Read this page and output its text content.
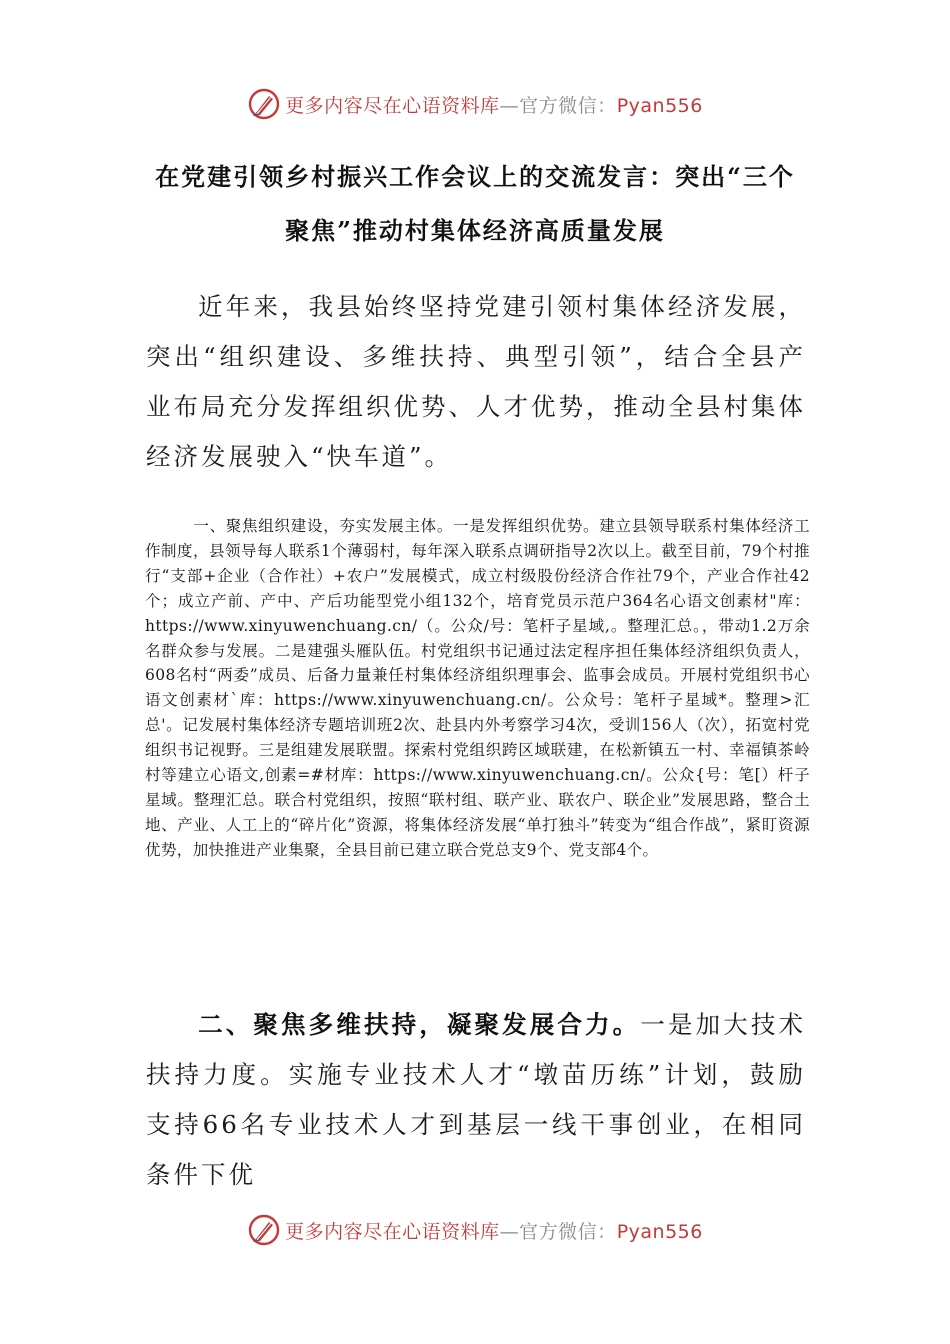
更多内容尽在心语资料库—官方微信：Pyan556
在党建引领乡村振兴工作会议上的交流发言：突出“三个
聚焦”推动村集体经济高质量发展

近年来，我县始终坚持党建引领村集体经济发展，突出“组织建设、多维扶持、典型引领”，结合全县产业布局充分发挥组织优势、人才优势，推动全县村集体经济发展驶入“快车道”。

一、聚焦组织建设，夯实发展主体。一是发挥组织优势。建立县领导联系村集体经济工作制度，县领导每人联系1个薄弱村，每年深入联系点调研指导2次以上。截至目前，79个村推行“支部+企业（合作社）+农户”发展模式，成立村级股份经济合作社79个，产业合作社42个；成立产前、产中、产后功能型党小组132个，培育党员示范户364名心语文创素材"库：https://www.xinyuwenchuang.cn/（。公众/号：笔杆子星域,。整理汇总。，带动1.2万余名群众参与发展。二是建强头雁队伍。村党组织书记通过法定程序担任集体经济组织负责人，608名村“两委”成员、后备力量兼任村集体经济组织理事会、监事会成员。开展村党组织书心语文创素材`库：https://www.xinyuwenchuang.cn/。公众号：笔杆子星域*。整理>汇总'。记发展村集体经济专题培训班2次、赴县内外考察学习4次，受训156人（次），拓宽村党组织书记视野。三是组建发展联盟。探索村党组织跨区域联建，在松新镇五一村、幸福镇茶岭村等建立心语文,创素=#材库：https://www.xinyuwenchuang.cn/。公众{号：笔[）杆子星域。整理汇总。联合村党组织，按照“联村组、联产业、联农户、联企业”发展思路，整合土地、产业、人工上的“碎片化”资源，将集体经济发展“单打独斗”转变为“组合作战”，紧盯资源优势，加快推进产业集聚，全县目前已建立联合党总支9个、党支部4个。

二、聚焦多维扶持，凝聚发展合力。一是加大技术扶持力度。实施专业技术人才“墩苗历练”计划，鼓励支持66名专业技术人才到基层一线干事创业，在相同条件下优

更多内容尽在心语资料库—官方微信：Pyan556
